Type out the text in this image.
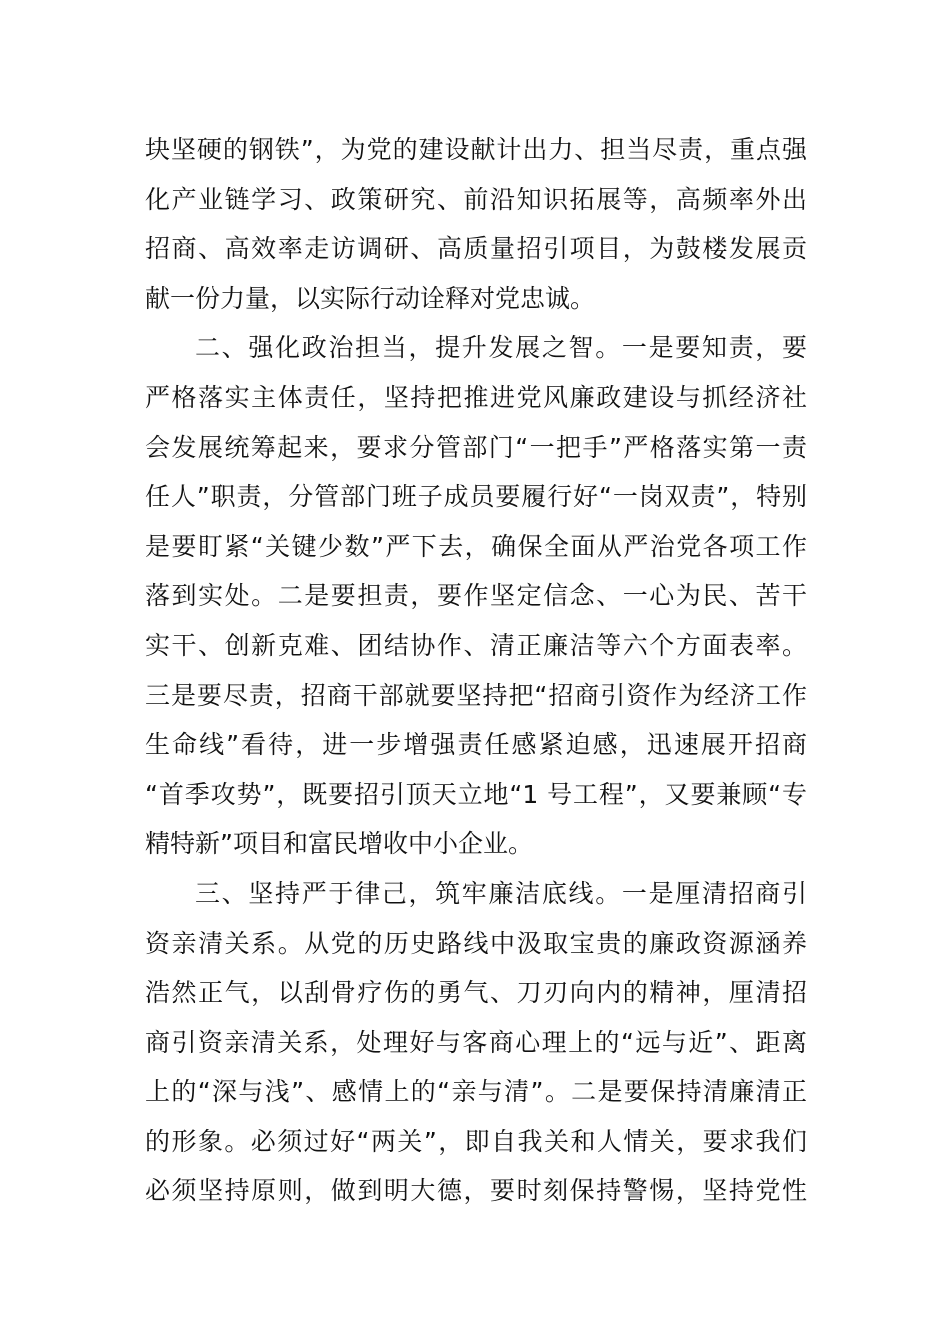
块坚硬的钢铁”，为党的建设献计出力、担当尽责，重点强
化产业链学习、政策研究、前沿知识拓展等，高频率外出
招商、高效率走访调研、高质量招引项目，为鼓楼发展贡
献一份力量，以实际行动诠释对党忠诚。
二、强化政治担当，提升发展之智。一是要知责，要
严格落实主体责任，坚持把推进党风廉政建设与抓经济社
会发展统筹起来，要求分管部门“一把手”严格落实第一责
任人”职责，分管部门班子成员要履行好“一岗双责”，特别
是要盯紧“关键少数”严下去，确保全面从严治党各项工作
落到实处。二是要担责，要作坚定信念、一心为民、苦干
实干、创新克难、团结协作、清正廉洁等六个方面表率。
三是要尽责，招商干部就要坚持把“招商引资作为经济工作
生命线”看待，进一步增强责任感紧迫感，迅速展开招商
“首季攻势”，既要招引顶天立地“1 号工程”，又要兼顾“专
精特新”项目和富民增收中小企业。
三、坚持严于律己，筑牢廉洁底线。一是厘清招商引
资亲清关系。从党的历史路线中汲取宝贵的廉政资源涵养
浩然正气，以刮骨疗伤的勇气、刀刃向内的精神，厘清招
商引资亲清关系，处理好与客商心理上的“远与近”、距离
上的“深与浅”、感情上的“亲与清”。二是要保持清廉清正
的形象。必须过好“两关”，即自我关和人情关，要求我们
必须坚持原则，做到明大德，要时刻保持警惕，坚持党性
